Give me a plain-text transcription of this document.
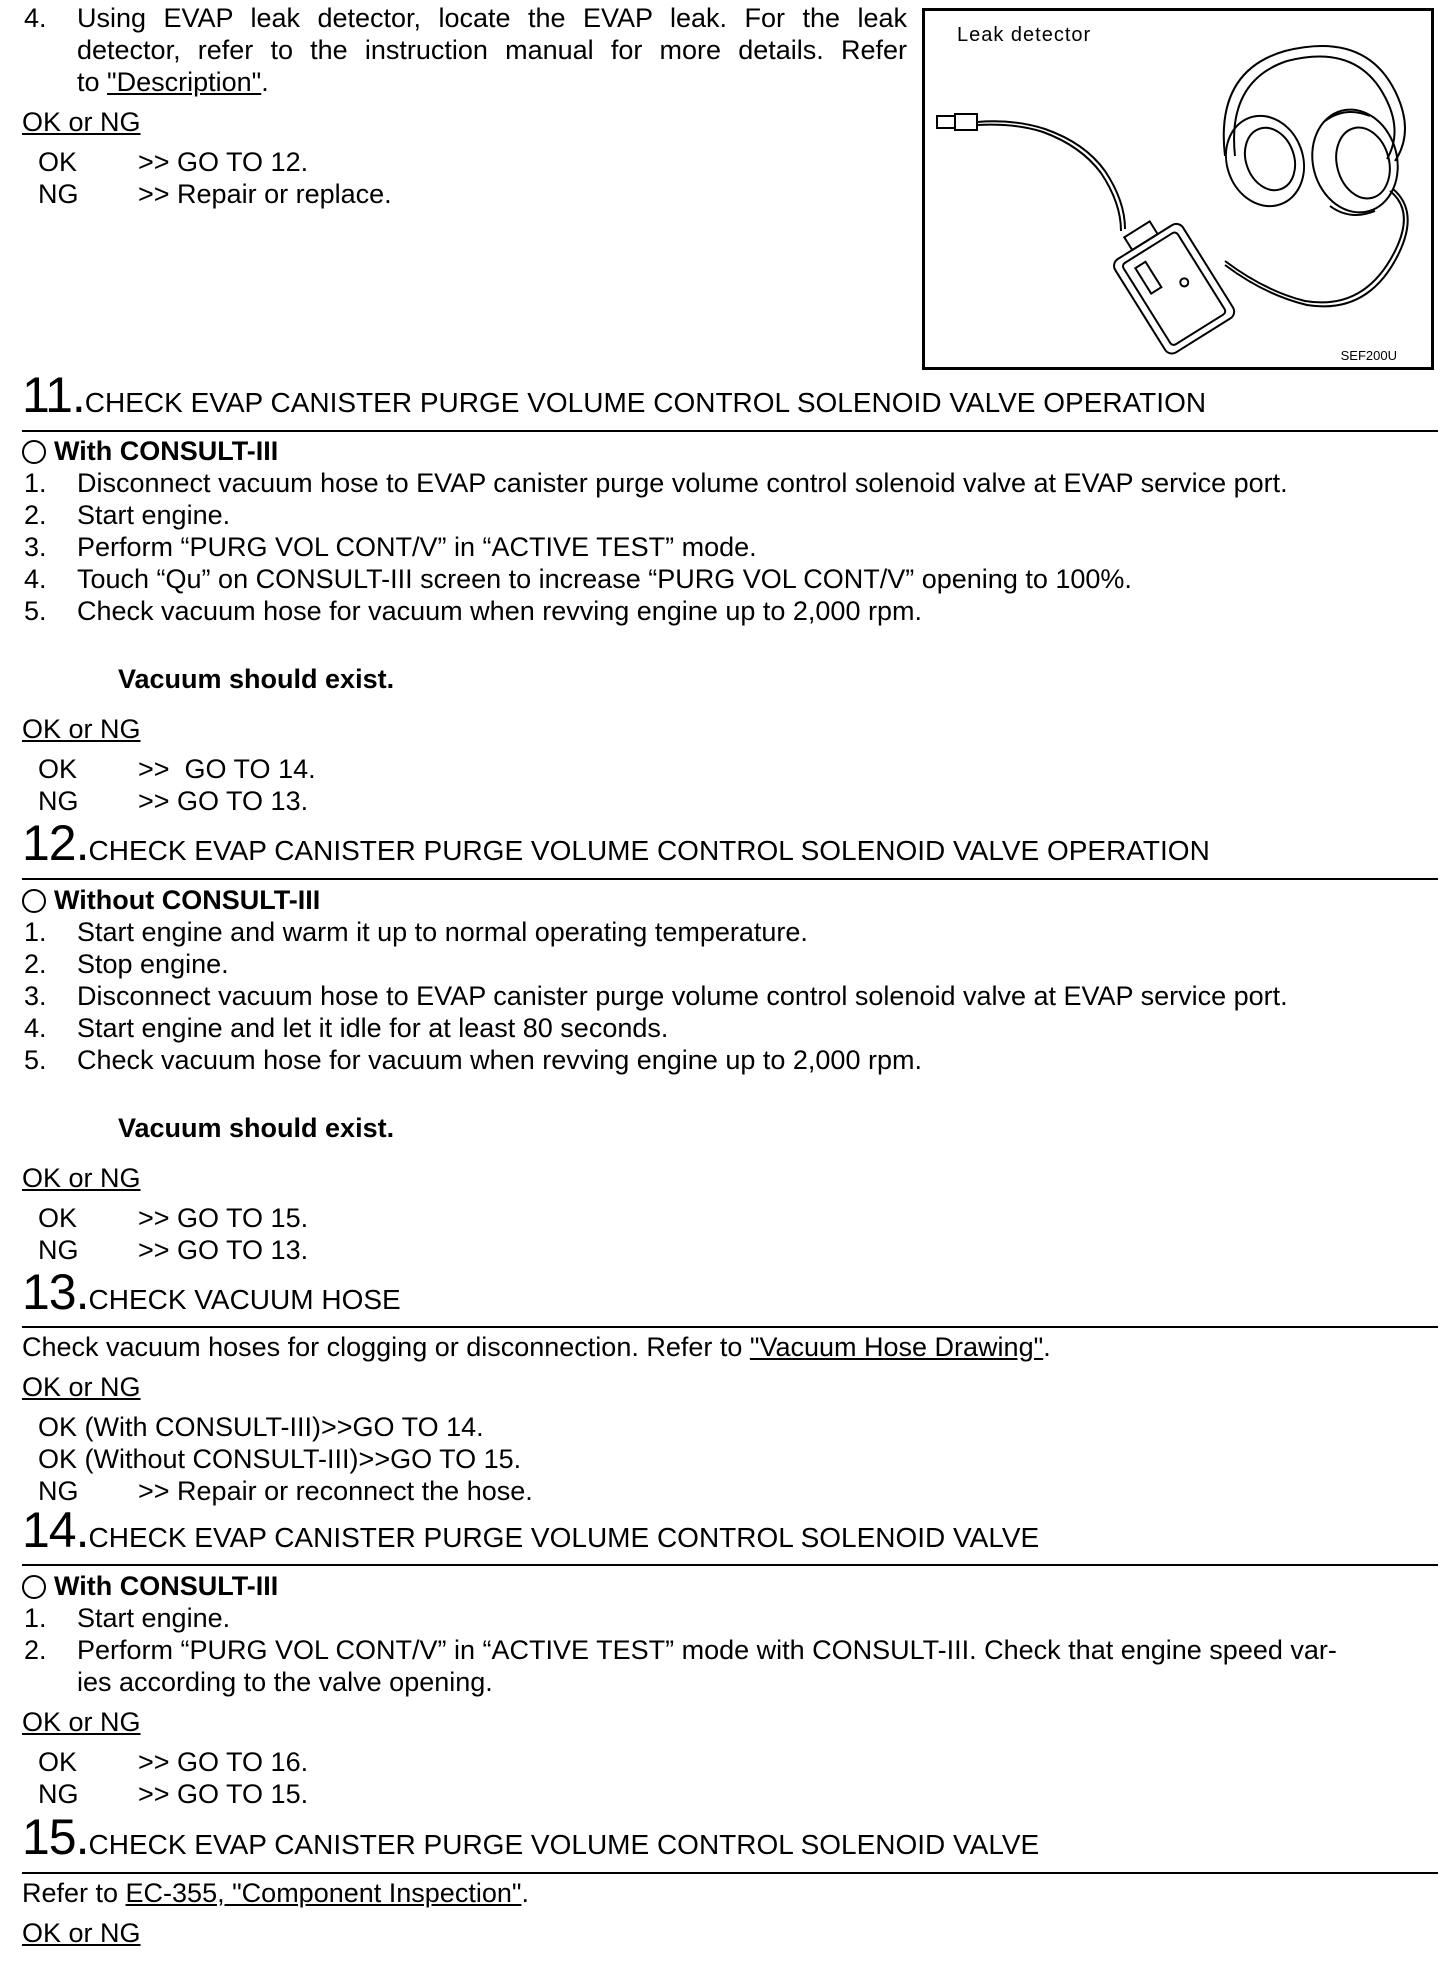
4. Using EVAP leak detector, locate the EVAP leak. For the leak
detector, refer to the instruction manual for more details. Refer
to "Description".
OK or NG
OK >> GO TO 12.
NG >> Repair or replace.
Leak detector
SEF200U
11.CHECK EVAP CANISTER PURGE VOLUME CONTROL SOLENOID VALVE OPERATION
With CONSULT-III
1. Disconnect vacuum hose to EVAP canister purge volume control solenoid valve at EVAP service port.
2. Start engine.
3. Perform “PURG VOL CONT/V” in “ACTIVE TEST” mode.
4. Touch “Qu” on CONSULT-III screen to increase “PURG VOL CONT/V” opening to 100%.
5. Check vacuum hose for vacuum when revving engine up to 2,000 rpm.
Vacuum should exist.
OK or NG
OK >>  GO TO 14.
NG >> GO TO 13.
12.CHECK EVAP CANISTER PURGE VOLUME CONTROL SOLENOID VALVE OPERATION
Without CONSULT-III
1. Start engine and warm it up to normal operating temperature.
2. Stop engine.
3. Disconnect vacuum hose to EVAP canister purge volume control solenoid valve at EVAP service port.
4. Start engine and let it idle for at least 80 seconds.
5. Check vacuum hose for vacuum when revving engine up to 2,000 rpm.
Vacuum should exist.
OK or NG
OK >> GO TO 15.
NG >> GO TO 13.
13.CHECK VACUUM HOSE
Check vacuum hoses for clogging or disconnection. Refer to "Vacuum Hose Drawing".
OK or NG
OK (With CONSULT-III)>>GO TO 14.
OK (Without CONSULT-III)>>GO TO 15.
NG >> Repair or reconnect the hose.
14.CHECK EVAP CANISTER PURGE VOLUME CONTROL SOLENOID VALVE
With CONSULT-III
1. Start engine.
2. Perform “PURG VOL CONT/V” in “ACTIVE TEST” mode with CONSULT-III. Check that engine speed var-
ies according to the valve opening.
OK or NG
OK >> GO TO 16.
NG >> GO TO 15.
15.CHECK EVAP CANISTER PURGE VOLUME CONTROL SOLENOID VALVE
Refer to EC-355, "Component Inspection".
OK or NG
